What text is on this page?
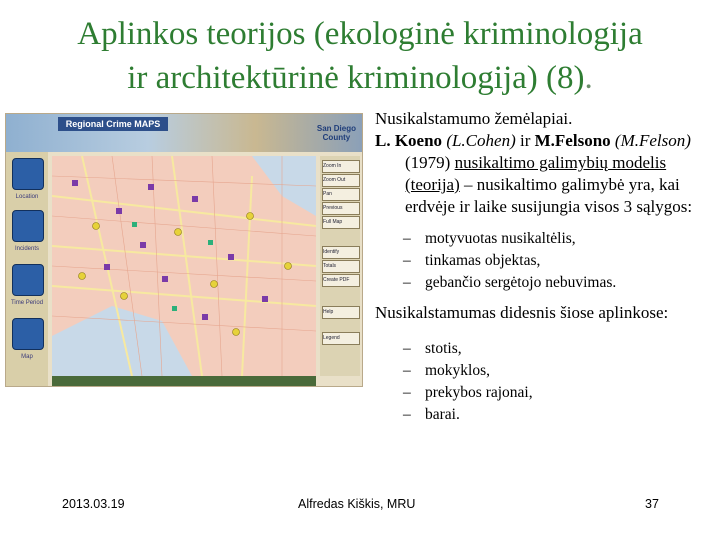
Aplinkos teorijos (ekologinė kriminologija
ir architektūrinė kriminologija) (8).
Regional Crime MAPS	San Diego
County
Location
Incidents
Time Period
Map
Zoom In
Zoom Out
Pan
Previous
Full Map
Identify
Totals
Create PDF
Help
Legend

Nusikalstamumo žemėlapiai.

L. Koeno (L.Cohen) ir M.Felsono (M.Felson) (1979) nusikaltimo galimybių modelis (teorija) – nusikaltimo galimybė yra, kai erdvėje ir laike susijungia visos 3 sąlygos:

– motyvuotas nusikaltėlis,

– tinkamas objektas,

– gebančio sergėtojo nebuvimas.

Nusikalstamumas didesnis šiose aplinkose:

– stotis,

– mokyklos,

– prekybos rajonai,

– barai.

2013.03.19	Alfredas Kiškis, MRU	37
